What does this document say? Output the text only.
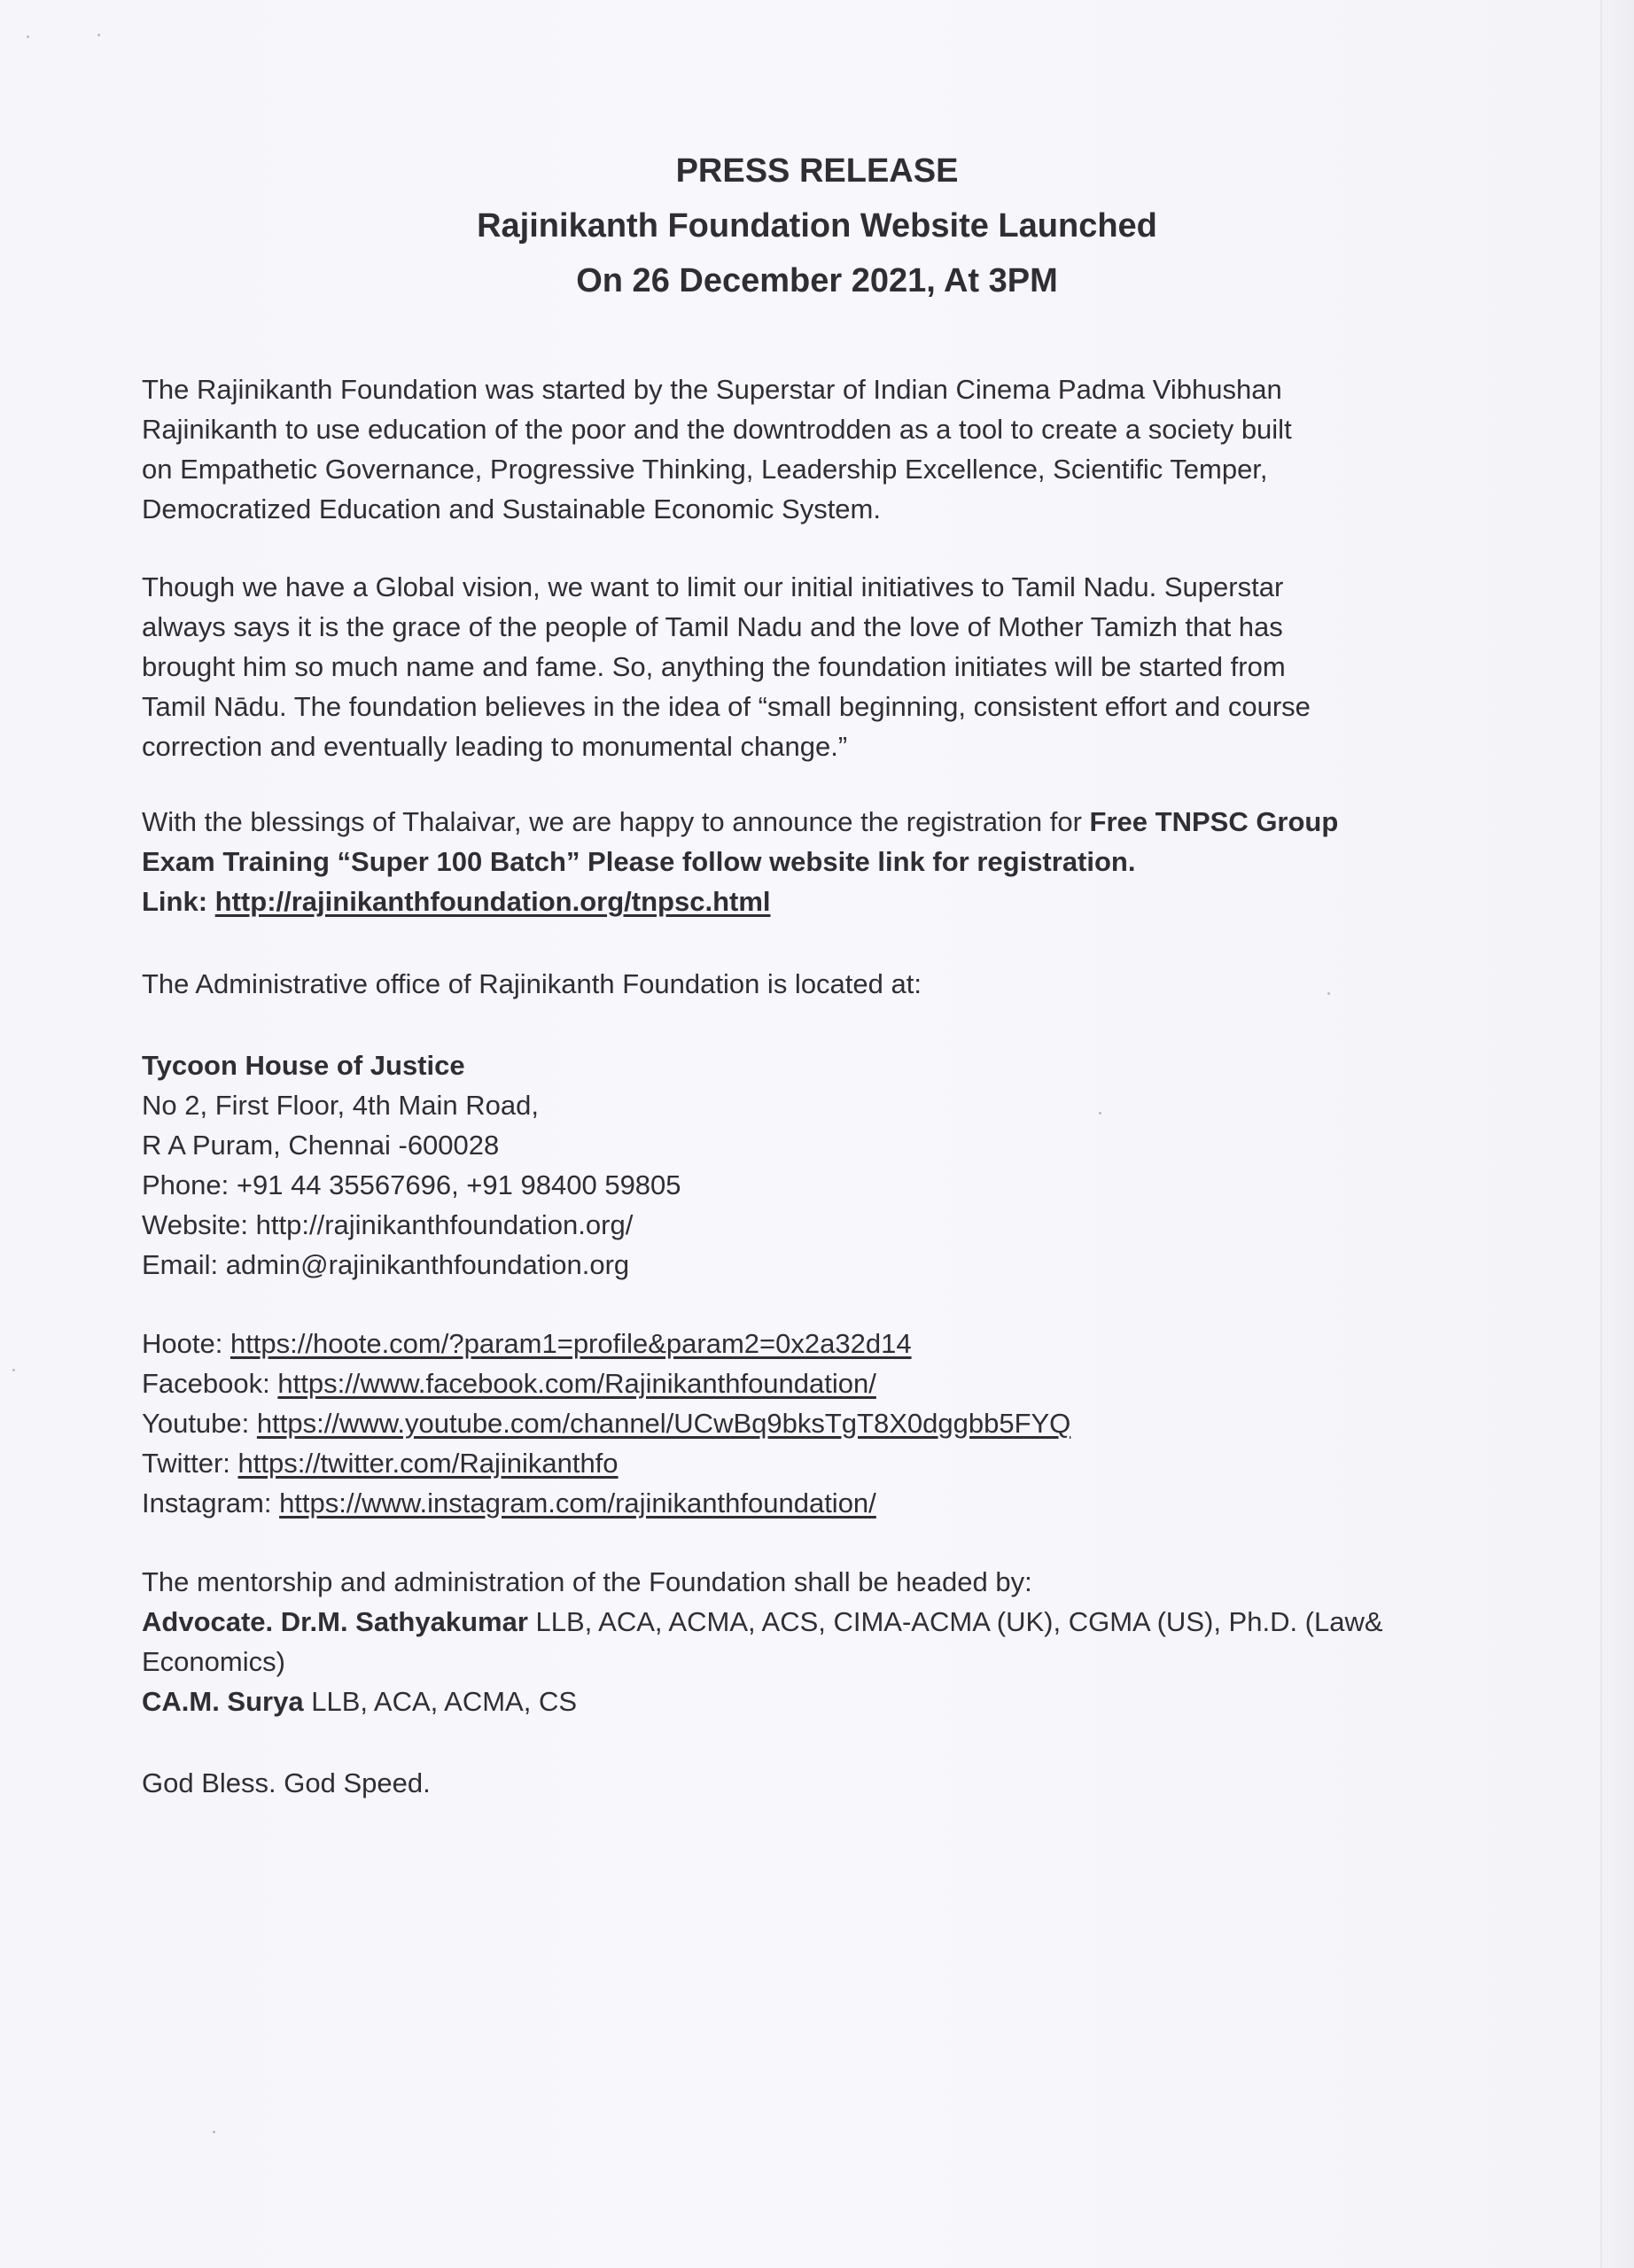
PRESS RELEASE
Rajinikanth Foundation Website Launched
On 26 December 2021, At 3PM
The Rajinikanth Foundation was started by the Superstar of Indian Cinema Padma Vibhushan
Rajinikanth to use education of the poor and the downtrodden as a tool to create a society built
on Empathetic Governance, Progressive Thinking, Leadership Excellence, Scientific Temper,
Democratized Education and Sustainable Economic System.
Though we have a Global vision, we want to limit our initial initiatives to Tamil Nadu. Superstar
always says it is the grace of the people of Tamil Nadu and the love of Mother Tamizh that has
brought him so much name and fame. So, anything the foundation initiates will be started from
Tamil Nādu. The foundation believes in the idea of “small beginning, consistent effort and course
correction and eventually leading to monumental change.”
With the blessings of Thalaivar, we are happy to announce the registration for Free TNPSC Group
Exam Training “Super 100 Batch” Please follow website link for registration.
Link: http://rajinikanthfoundation.org/tnpsc.html
The Administrative office of Rajinikanth Foundation is located at:
Tycoon House of Justice
No 2, First Floor, 4th Main Road,
R A Puram, Chennai -600028
Phone: +91 44 35567696, +91 98400 59805
Website: http://rajinikanthfoundation.org/
Email: admin@rajinikanthfoundation.org
Hoote: https://hoote.com/?param1=profile&param2=0x2a32d14
Facebook: https://www.facebook.com/Rajinikanthfoundation/
Youtube: https://www.youtube.com/channel/UCwBq9bksTgT8X0dggbb5FYQ
Twitter: https://twitter.com/Rajinikanthfo
Instagram: https://www.instagram.com/rajinikanthfoundation/
The mentorship and administration of the Foundation shall be headed by:
Advocate. Dr.M. Sathyakumar LLB, ACA, ACMA, ACS, CIMA-ACMA (UK), CGMA (US), Ph.D. (Law&
Economics)
CA.M. Surya LLB, ACA, ACMA, CS
God Bless. God Speed.
